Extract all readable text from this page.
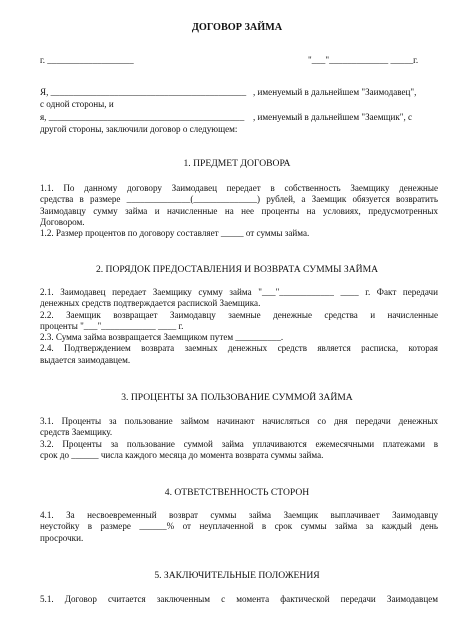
ДОГОВОР ЗАЙМА
г. ___________________	"___"_____________ _____г.
Я, ___________________________________________ , именуемый в дальнейшем "Заимодавец",
с одной стороны, и
я, ___________________________________________ , именуемый в дальнейшем "Заемщик", с
другой стороны, заключили договор о следующем:
1. ПРЕДМЕТ ДОГОВОРА
1.1. По данному договору Заимодавец передает в собственность Заемщику денежные
средства в размере ______________(______________) рублей, а Заемщик обязуется возвратить
Заимодавцу сумму займа и начисленные на нее проценты на условиях, предусмотренных
Договором.
1.2. Размер процентов по договору составляет _____ от суммы займа.
2. ПОРЯДОК ПРЕДОСТАВЛЕНИЯ И ВОЗВРАТА СУММЫ ЗАЙМА
2.1. Заимодавец передает Заемщику сумму займа "___"____________ ____ г. Факт передачи
денежных средств подтверждается распиской Заемщика.
2.2. Заемщик возвращает Заимодавцу заемные денежные средства и начисленные
проценты "___"____________ ____ г.
2.3. Сумма займа возвращается Заемщиком путем __________.
2.4. Подтверждением возврата заемных денежных средств является расписка, которая
выдается заимодавцем.
3. ПРОЦЕНТЫ ЗА ПОЛЬЗОВАНИЕ СУММОЙ ЗАЙМА
3.1. Проценты за пользование займом начинают начисляться со дня передачи денежных
средств Заемщику.
3.2. Проценты за пользование суммой займа уплачиваются ежемесячными платежами в
срок до ______ числа каждого месяца до момента возврата суммы займа.
4. ОТВЕТСТВЕННОСТЬ СТОРОН
4.1. За несвоевременный возврат суммы займа Заемщик выплачивает Заимодавцу
неустойку в размере ______% от неуплаченной в срок суммы займа за каждый день
просрочки.
5. ЗАКЛЮЧИТЕЛЬНЫЕ ПОЛОЖЕНИЯ
5.1. Договор считается заключенным с момента фактической передачи Заимодавцем
